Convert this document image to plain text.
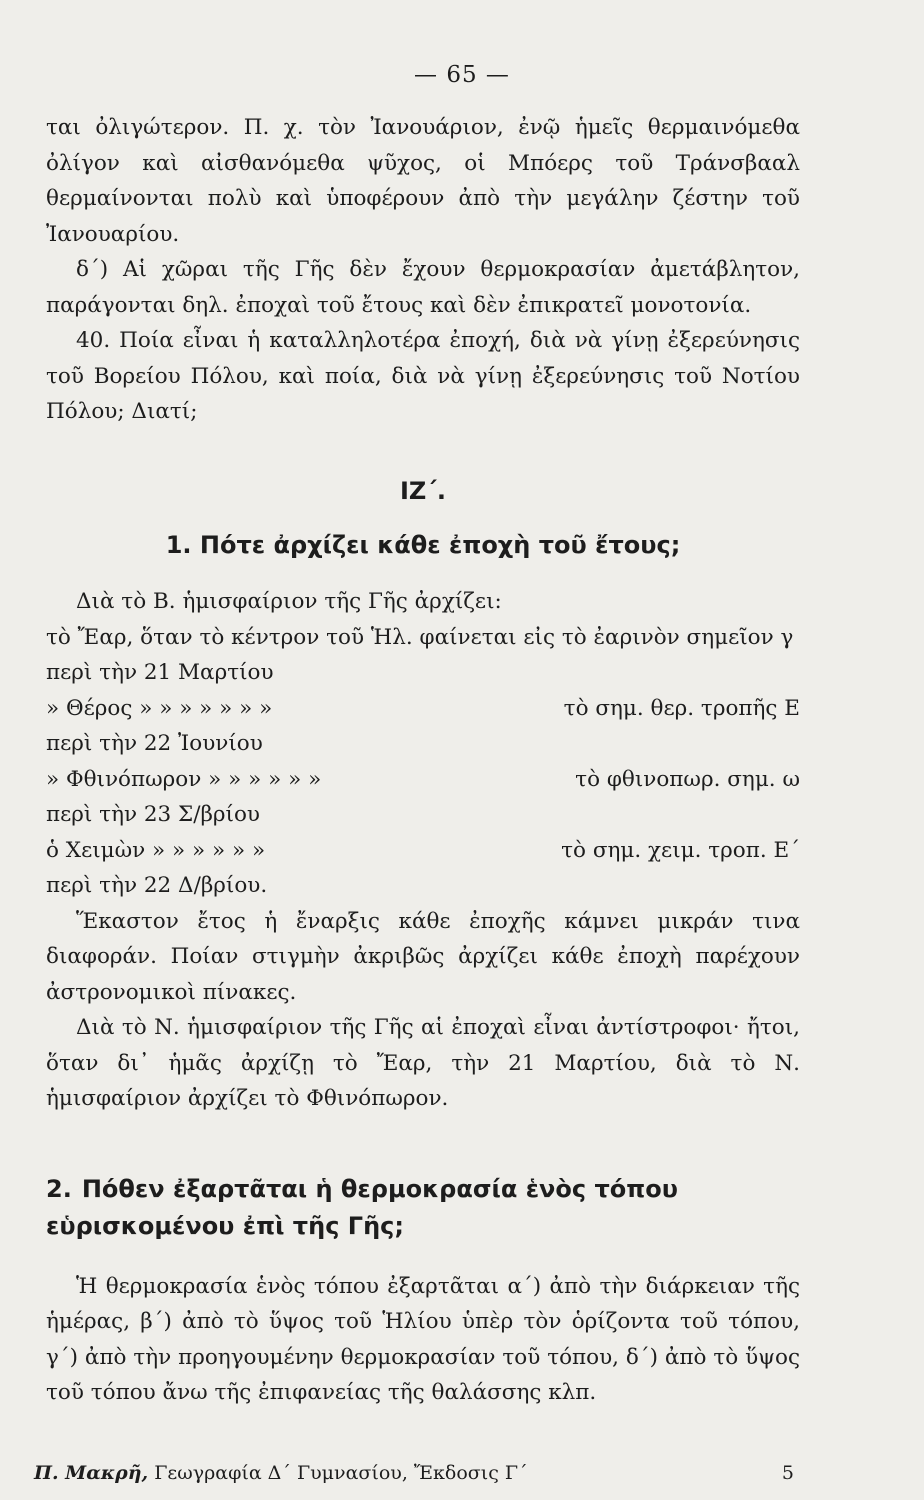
— 65 —

ται ὀλιγώτερον. Π. χ. τὸν Ἰανουάριον, ἐνῷ ἡμεῖς θερμαινόμεθα ὀλίγον καὶ αἰσθανόμεθα ψῦχος, οἱ Μπόερς τοῦ Τράνσβααλ θερμαίνονται πολὺ καὶ ὑποφέρουν ἀπὸ τὴν μεγάλην ζέστην τοῦ Ἰανουαρίου.

δ΄) Αἱ χῶραι τῆς Γῆς δὲν ἔχουν θερμοκρασίαν ἀμετάβλητον, παράγονται δηλ. ἐποχαὶ τοῦ ἔτους καὶ δὲν ἐπικρατεῖ μονοτονία.

40. Ποία εἶναι ἡ καταλληλοτέρα ἐποχή, διὰ νὰ γίνῃ ἐξερεύνησις τοῦ Βορείου Πόλου, καὶ ποία, διὰ νὰ γίνῃ ἐξερεύνησις τοῦ Νοτίου Πόλου; Διατί;

ΙΖ΄.
1. Πότε ἀρχίζει κάθε ἐποχὴ τοῦ ἔτους;

Διὰ τὸ Β. ἡμισφαίριον τῆς Γῆς ἀρχίζει:

τὸ Ἔαρ, ὅταν τὸ κέντρον τοῦ Ἡλ. φαίνεται εἰς τὸ ἐαρινὸν σημεῖον γ

περὶ τὴν 21 Μαρτίου

» Θέρος » » » » » » »	τὸ σημ. θερ. τροπῆς Ε

περὶ τὴν 22 Ἰουνίου

» Φθινόπωρον » » » » » »	τὸ φθινοπωρ. σημ. ω

περὶ τὴν 23 Σ/βρίου

ὁ Χειμὼν » » » » » »	τὸ σημ. χειμ. τροπ. Ε΄

περὶ τὴν 22 Δ/βρίου.

Ἕκαστον ἔτος ἡ ἔναρξις κάθε ἐποχῆς κάμνει μικράν τινα διαφοράν. Ποίαν στιγμὴν ἀκριβῶς ἀρχίζει κάθε ἐποχὴ παρέχουν ἀστρονομικοὶ πίνακες.

Διὰ τὸ Ν. ἡμισφαίριον τῆς Γῆς αἱ ἐποχαὶ εἶναι ἀντίστροφοι· ἤτοι, ὅταν δι᾽ ἡμᾶς ἀρχίζῃ τὸ Ἔαρ, τὴν 21 Μαρτίου, διὰ τὸ Ν. ἡμισφαίριον ἀρχίζει τὸ Φθινόπωρον.

2. Πόθεν ἐξαρτᾶται ἡ θερμοκρασία ἑνὸς τόπου εὑρισκομένου ἐπὶ τῆς Γῆς;

Ἡ θερμοκρασία ἑνὸς τόπου ἐξαρτᾶται α΄) ἀπὸ τὴν διάρκειαν τῆς ἡμέρας, β΄) ἀπὸ τὸ ὕψος τοῦ Ἡλίου ὑπὲρ τὸν ὁρίζοντα τοῦ τόπου, γ΄) ἀπὸ τὴν προηγουμένην θερμοκρασίαν τοῦ τόπου, δ΄) ἀπὸ τὸ ὕψος τοῦ τόπου ἄνω τῆς ἐπιφανείας τῆς θαλάσσης κλπ.

Π. Μακρῆ, Γεωγραφία Δ΄ Γυμνασίου, Ἔκδοσις Γ΄	5
